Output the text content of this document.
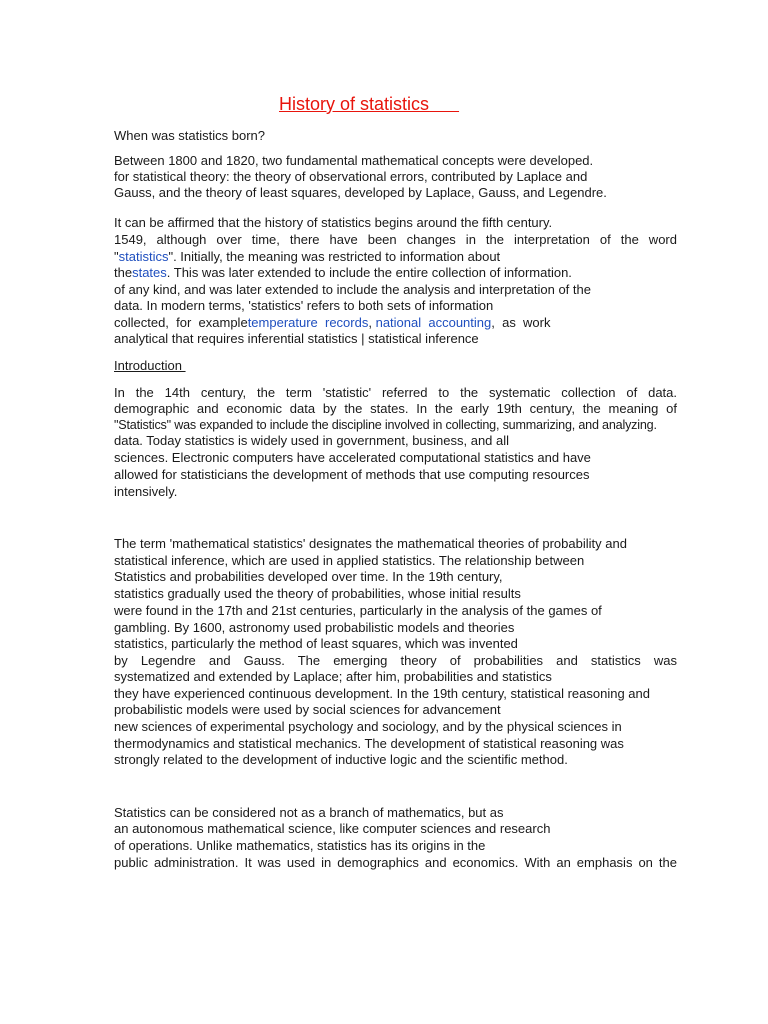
History of statistics
When was statistics born?
Between 1800 and 1820, two fundamental mathematical concepts were developed.
for statistical theory: the theory of observational errors, contributed by Laplace and
Gauss, and the theory of least squares, developed by Laplace, Gauss, and Legendre.
It can be affirmed that the history of statistics begins around the fifth century.
1549, although over time, there have been changes in the interpretation of the word
"statistics". Initially, the meaning was restricted to information about
thestates. This was later extended to include the entire collection of information.
of any kind, and was later extended to include the analysis and interpretation of the
data. In modern terms, 'statistics' refers to both sets of information
collected,  for  exampletemperature  records, national  accounting,  as  work
analytical that requires inferential statistics | statistical inference
Introduction
In the 14th century, the term 'statistic' referred to the systematic collection of data.
demographic and economic data by the states. In the early 19th century, the meaning of
"Statistics" was expanded to include the discipline involved in collecting, summarizing, and analyzing.
data. Today statistics is widely used in government, business, and all
sciences. Electronic computers have accelerated computational statistics and have
allowed for statisticians the development of methods that use computing resources
intensively.
The term 'mathematical statistics' designates the mathematical theories of probability and
statistical inference, which are used in applied statistics. The relationship between
Statistics and probabilities developed over time. In the 19th century,
statistics gradually used the theory of probabilities, whose initial results
were found in the 17th and 21st centuries, particularly in the analysis of the games of
gambling. By 1600, astronomy used probabilistic models and theories
statistics, particularly the method of least squares, which was invented
by Legendre and Gauss. The emerging theory of probabilities and statistics was
systematized and extended by Laplace; after him, probabilities and statistics
they have experienced continuous development. In the 19th century, statistical reasoning and
probabilistic models were used by social sciences for advancement
new sciences of experimental psychology and sociology, and by the physical sciences in
thermodynamics and statistical mechanics. The development of statistical reasoning was
strongly related to the development of inductive logic and the scientific method.
Statistics can be considered not as a branch of mathematics, but as
an autonomous mathematical science, like computer sciences and research
of operations. Unlike mathematics, statistics has its origins in the
public administration. It was used in demographics and economics. With an emphasis on the
